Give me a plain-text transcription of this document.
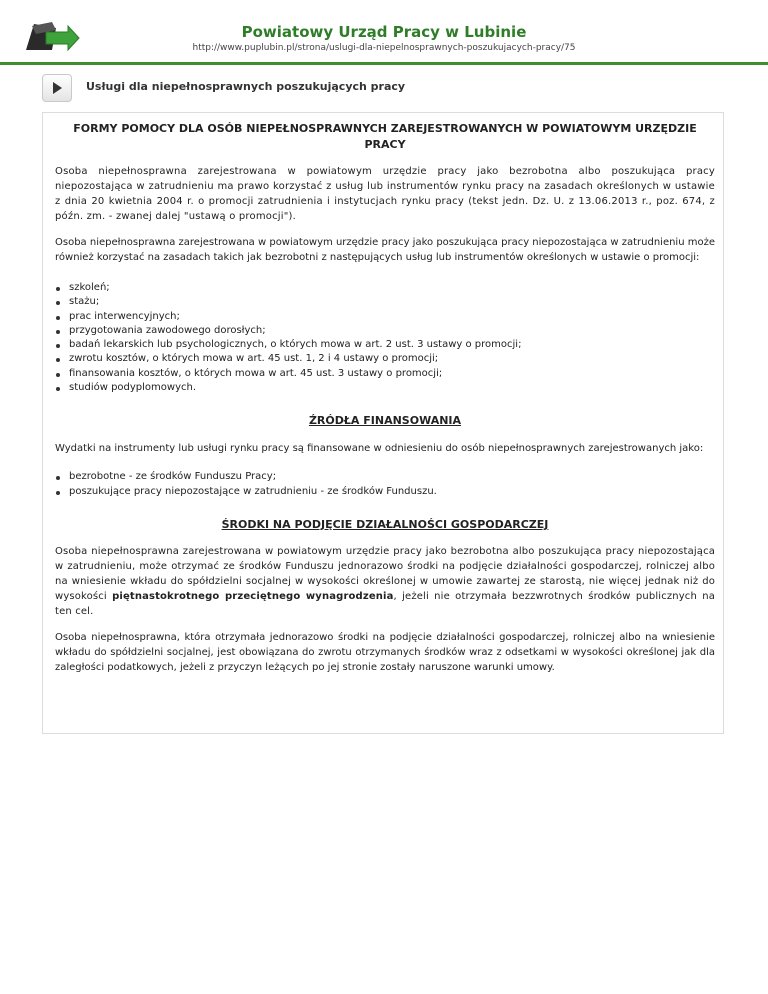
Powiatowy Urząd Pracy w Lubinie
http://www.puplubin.pl/strona/uslugi-dla-niepelnosprawnych-poszukujacych-pracy/75
Usługi dla niepełnosprawnych poszukujących pracy
FORMY POMOCY DLA OSÓB NIEPEŁNOSPRAWNYCH ZAREJESTROWANYCH W POWIATOWYM URZĘDZIE PRACY

Osoba niepełnosprawna zarejestrowana w powiatowym urzędzie pracy jako bezrobotna albo poszukująca pracy niepozostająca w zatrudnieniu ma prawo korzystać z usług lub instrumentów rynku pracy na zasadach określonych w ustawie z dnia 20 kwietnia 2004 r. o promocji zatrudnienia i instytucjach rynku pracy (tekst jedn. Dz. U. z 13.06.2013 r., poz. 674, z późn. zm. - zwanej dalej "ustawą o promocji").

Osoba niepełnosprawna zarejestrowana w powiatowym urzędzie pracy jako poszukująca pracy niepozostająca w zatrudnieniu może również korzystać na zasadach takich jak bezrobotni z następujących usług lub instrumentów określonych w ustawie o promocji:

szkoleń;
stażu;
prac interwencyjnych;
przygotowania zawodowego dorosłych;
badań lekarskich lub psychologicznych, o których mowa w art. 2 ust. 3 ustawy o promocji;
zwrotu kosztów, o których mowa w art. 45 ust. 1, 2 i 4 ustawy o promocji;
finansowania kosztów, o których mowa w art. 45 ust. 3 ustawy o promocji;
studiów podyplomowych.
ŹRÓDŁA FINANSOWANIA

Wydatki na instrumenty lub usługi rynku pracy są finansowane w odniesieniu do osób niepełnosprawnych zarejestrowanych jako:

bezrobotne - ze środków Funduszu Pracy;
poszukujące pracy niepozostające w zatrudnieniu - ze środków Funduszu.
ŚRODKI NA PODJĘCIE DZIAŁALNOŚCI GOSPODARCZEJ

Osoba niepełnosprawna zarejestrowana w powiatowym urzędzie pracy jako bezrobotna albo poszukująca pracy niepozostająca w zatrudnieniu, może otrzymać ze środków Funduszu jednorazowo środki na podjęcie działalności gospodarczej, rolniczej albo na wniesienie wkładu do spółdzielni socjalnej w wysokości określonej w umowie zawartej ze starostą, nie więcej jednak niż do wysokości piętnastokrotnego przeciętnego wynagrodzenia, jeżeli nie otrzymała bezzwrotnych środków publicznych na ten cel.

Osoba niepełnosprawna, która otrzymała jednorazowo środki na podjęcie działalności gospodarczej, rolniczej albo na wniesienie wkładu do spółdzielni socjalnej, jest obowiązana do zwrotu otrzymanych środków wraz z odsetkami w wysokości określonej jak dla zaległości podatkowych, jeżeli z przyczyn leżących po jej stronie zostały naruszone warunki umowy.
